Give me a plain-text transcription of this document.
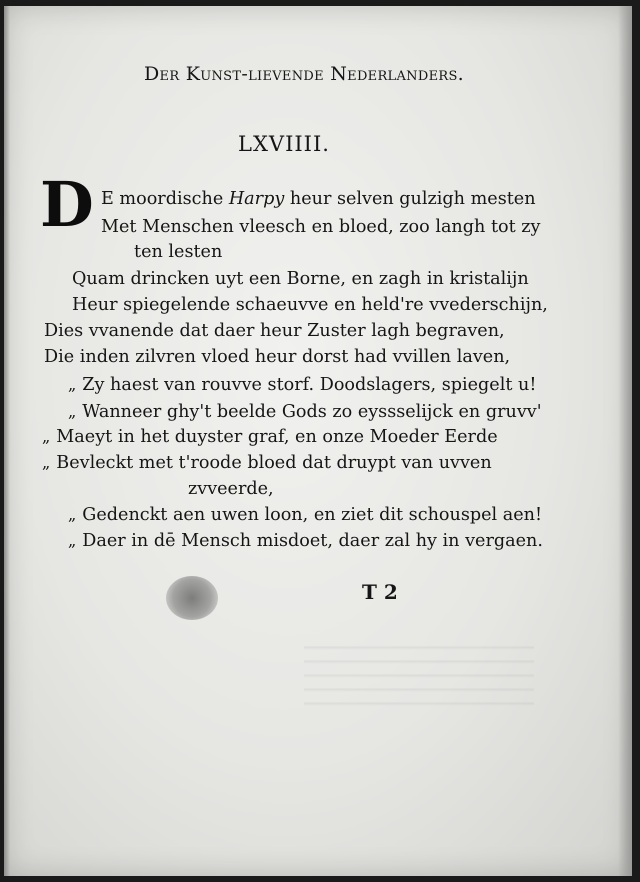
Der Kunst-lievende Nederlanders.
LXVIIII.
D E moordische Harpy heur selven gulzigh mesten
Met Menschen vleesch en bloed, zoo langh tot zy
ten lesten
Quam drincken uyt een Borne, en zagh in kristalijn
Heur spiegelende schaeuvve en held're vvederschijn,
Dies vvanende dat daer heur Zuster lagh begraven,
Die inden zilvren vloed heur dorst had vvillen laven,
„ Zy haest van rouvve storf. Doodslagers, spiegelt u!
„ Wanneer ghy't beelde Gods zo eyssselijck en gruvv'
„ Maeyt in het duyster graf, en onze Moeder Eerde
„ Bevleckt met t'roode bloed dat druypt van uvven
zvveerde,
„ Gedenckt aen uwen loon, en ziet dit schouspel aen!
„ Daer in dē Mensch misdoet, daer zal hy in vergaen.
T 2
